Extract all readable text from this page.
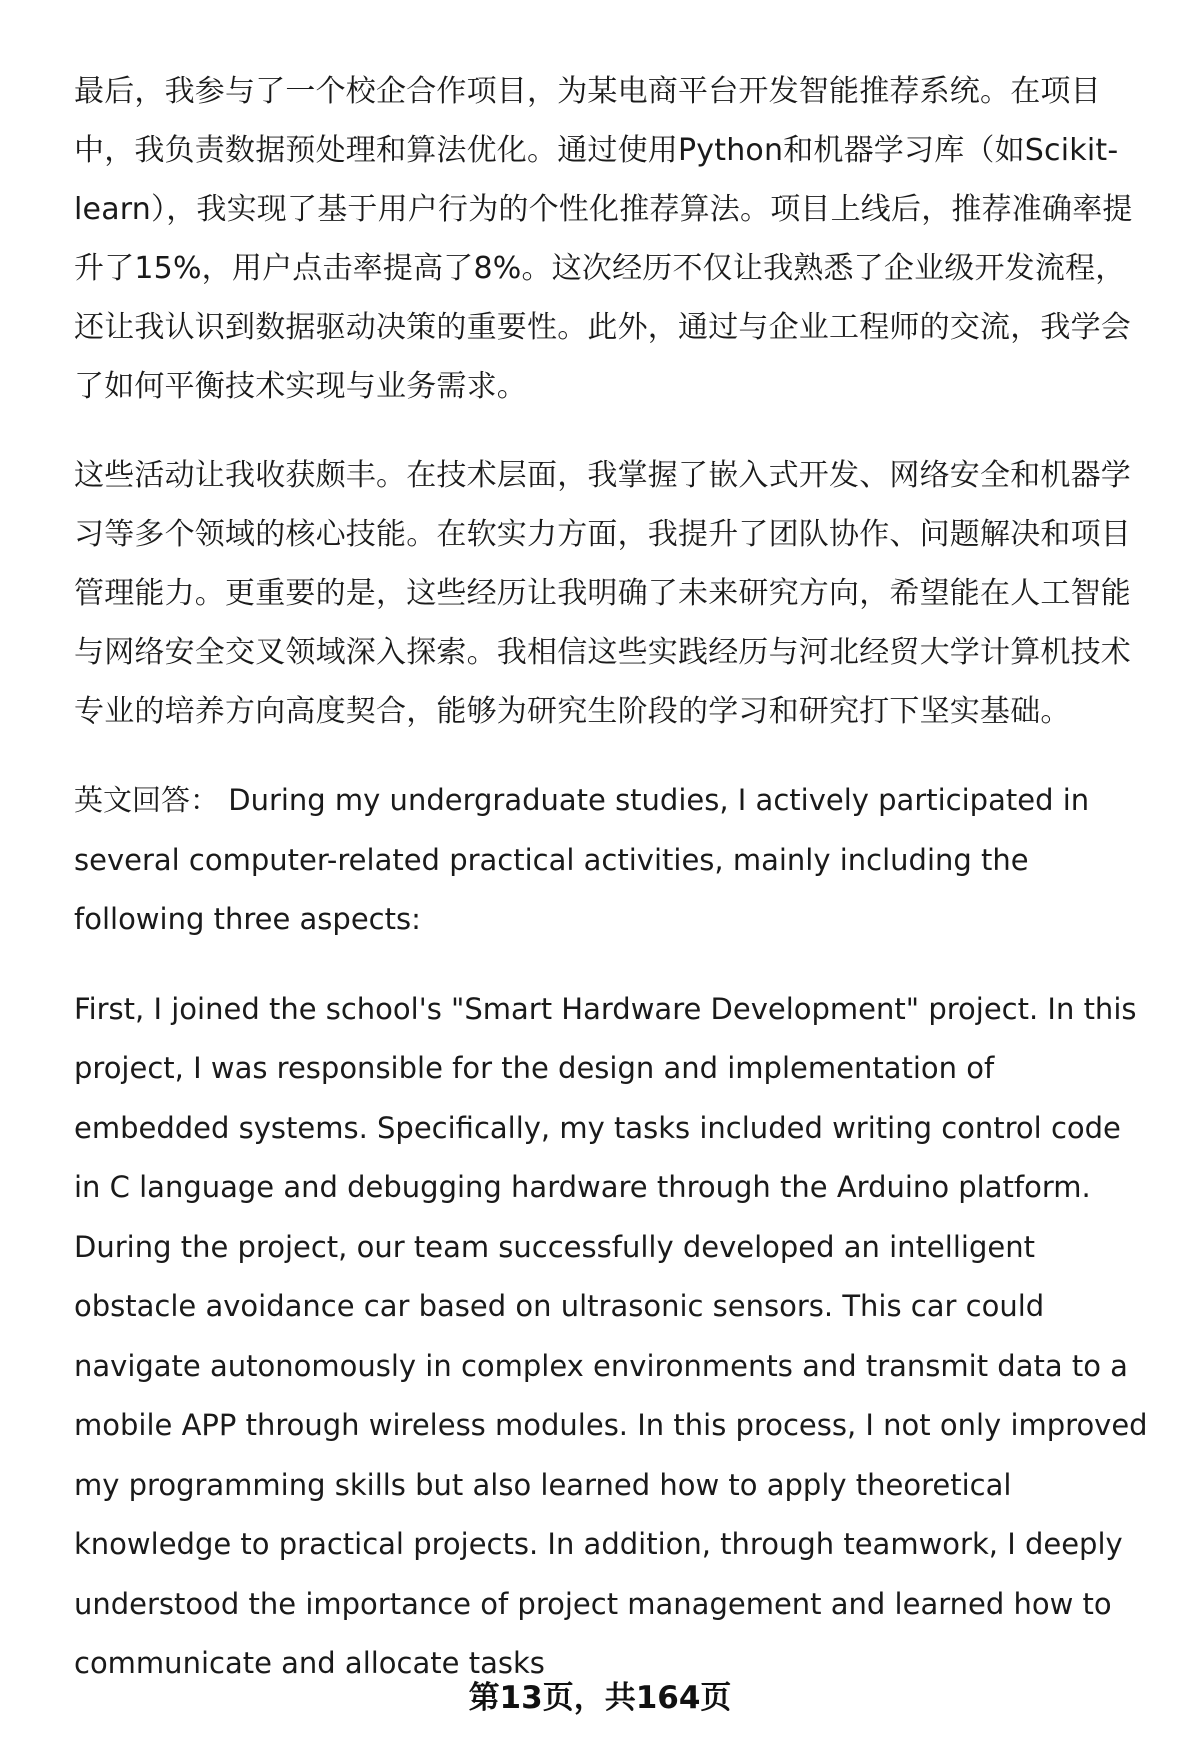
最后，我参与了一个校企合作项目，为某电商平台开发智能推荐系统。在项目中，我负责数据预处理和算法优化。通过使用Python和机器学习库（如Scikit-learn），我实现了基于用户行为的个性化推荐算法。项目上线后，推荐准确率提升了15%，用户点击率提高了8%。这次经历不仅让我熟悉了企业级开发流程，还让我认识到数据驱动决策的重要性。此外，通过与企业工程师的交流，我学会了如何平衡技术实现与业务需求。

这些活动让我收获颇丰。在技术层面，我掌握了嵌入式开发、网络安全和机器学习等多个领域的核心技能。在软实力方面，我提升了团队协作、问题解决和项目管理能力。更重要的是，这些经历让我明确了未来研究方向，希望能在人工智能与网络安全交叉领域深入探索。我相信这些实践经历与河北经贸大学计算机技术专业的培养方向高度契合，能够为研究生阶段的学习和研究打下坚实基础。

英文回答： During my undergraduate studies, I actively participated in several computer-related practical activities, mainly including the following three aspects:

First, I joined the school's "Smart Hardware Development" project. In this project, I was responsible for the design and implementation of embedded systems. Specifically, my tasks included writing control code in C language and debugging hardware through the Arduino platform. During the project, our team successfully developed an intelligent obstacle avoidance car based on ultrasonic sensors. This car could navigate autonomously in complex environments and transmit data to a mobile APP through wireless modules. In this process, I not only improved my programming skills but also learned how to apply theoretical knowledge to practical projects. In addition, through teamwork, I deeply understood the importance of project management and learned how to communicate and allocate tasks

第13页，共164页
